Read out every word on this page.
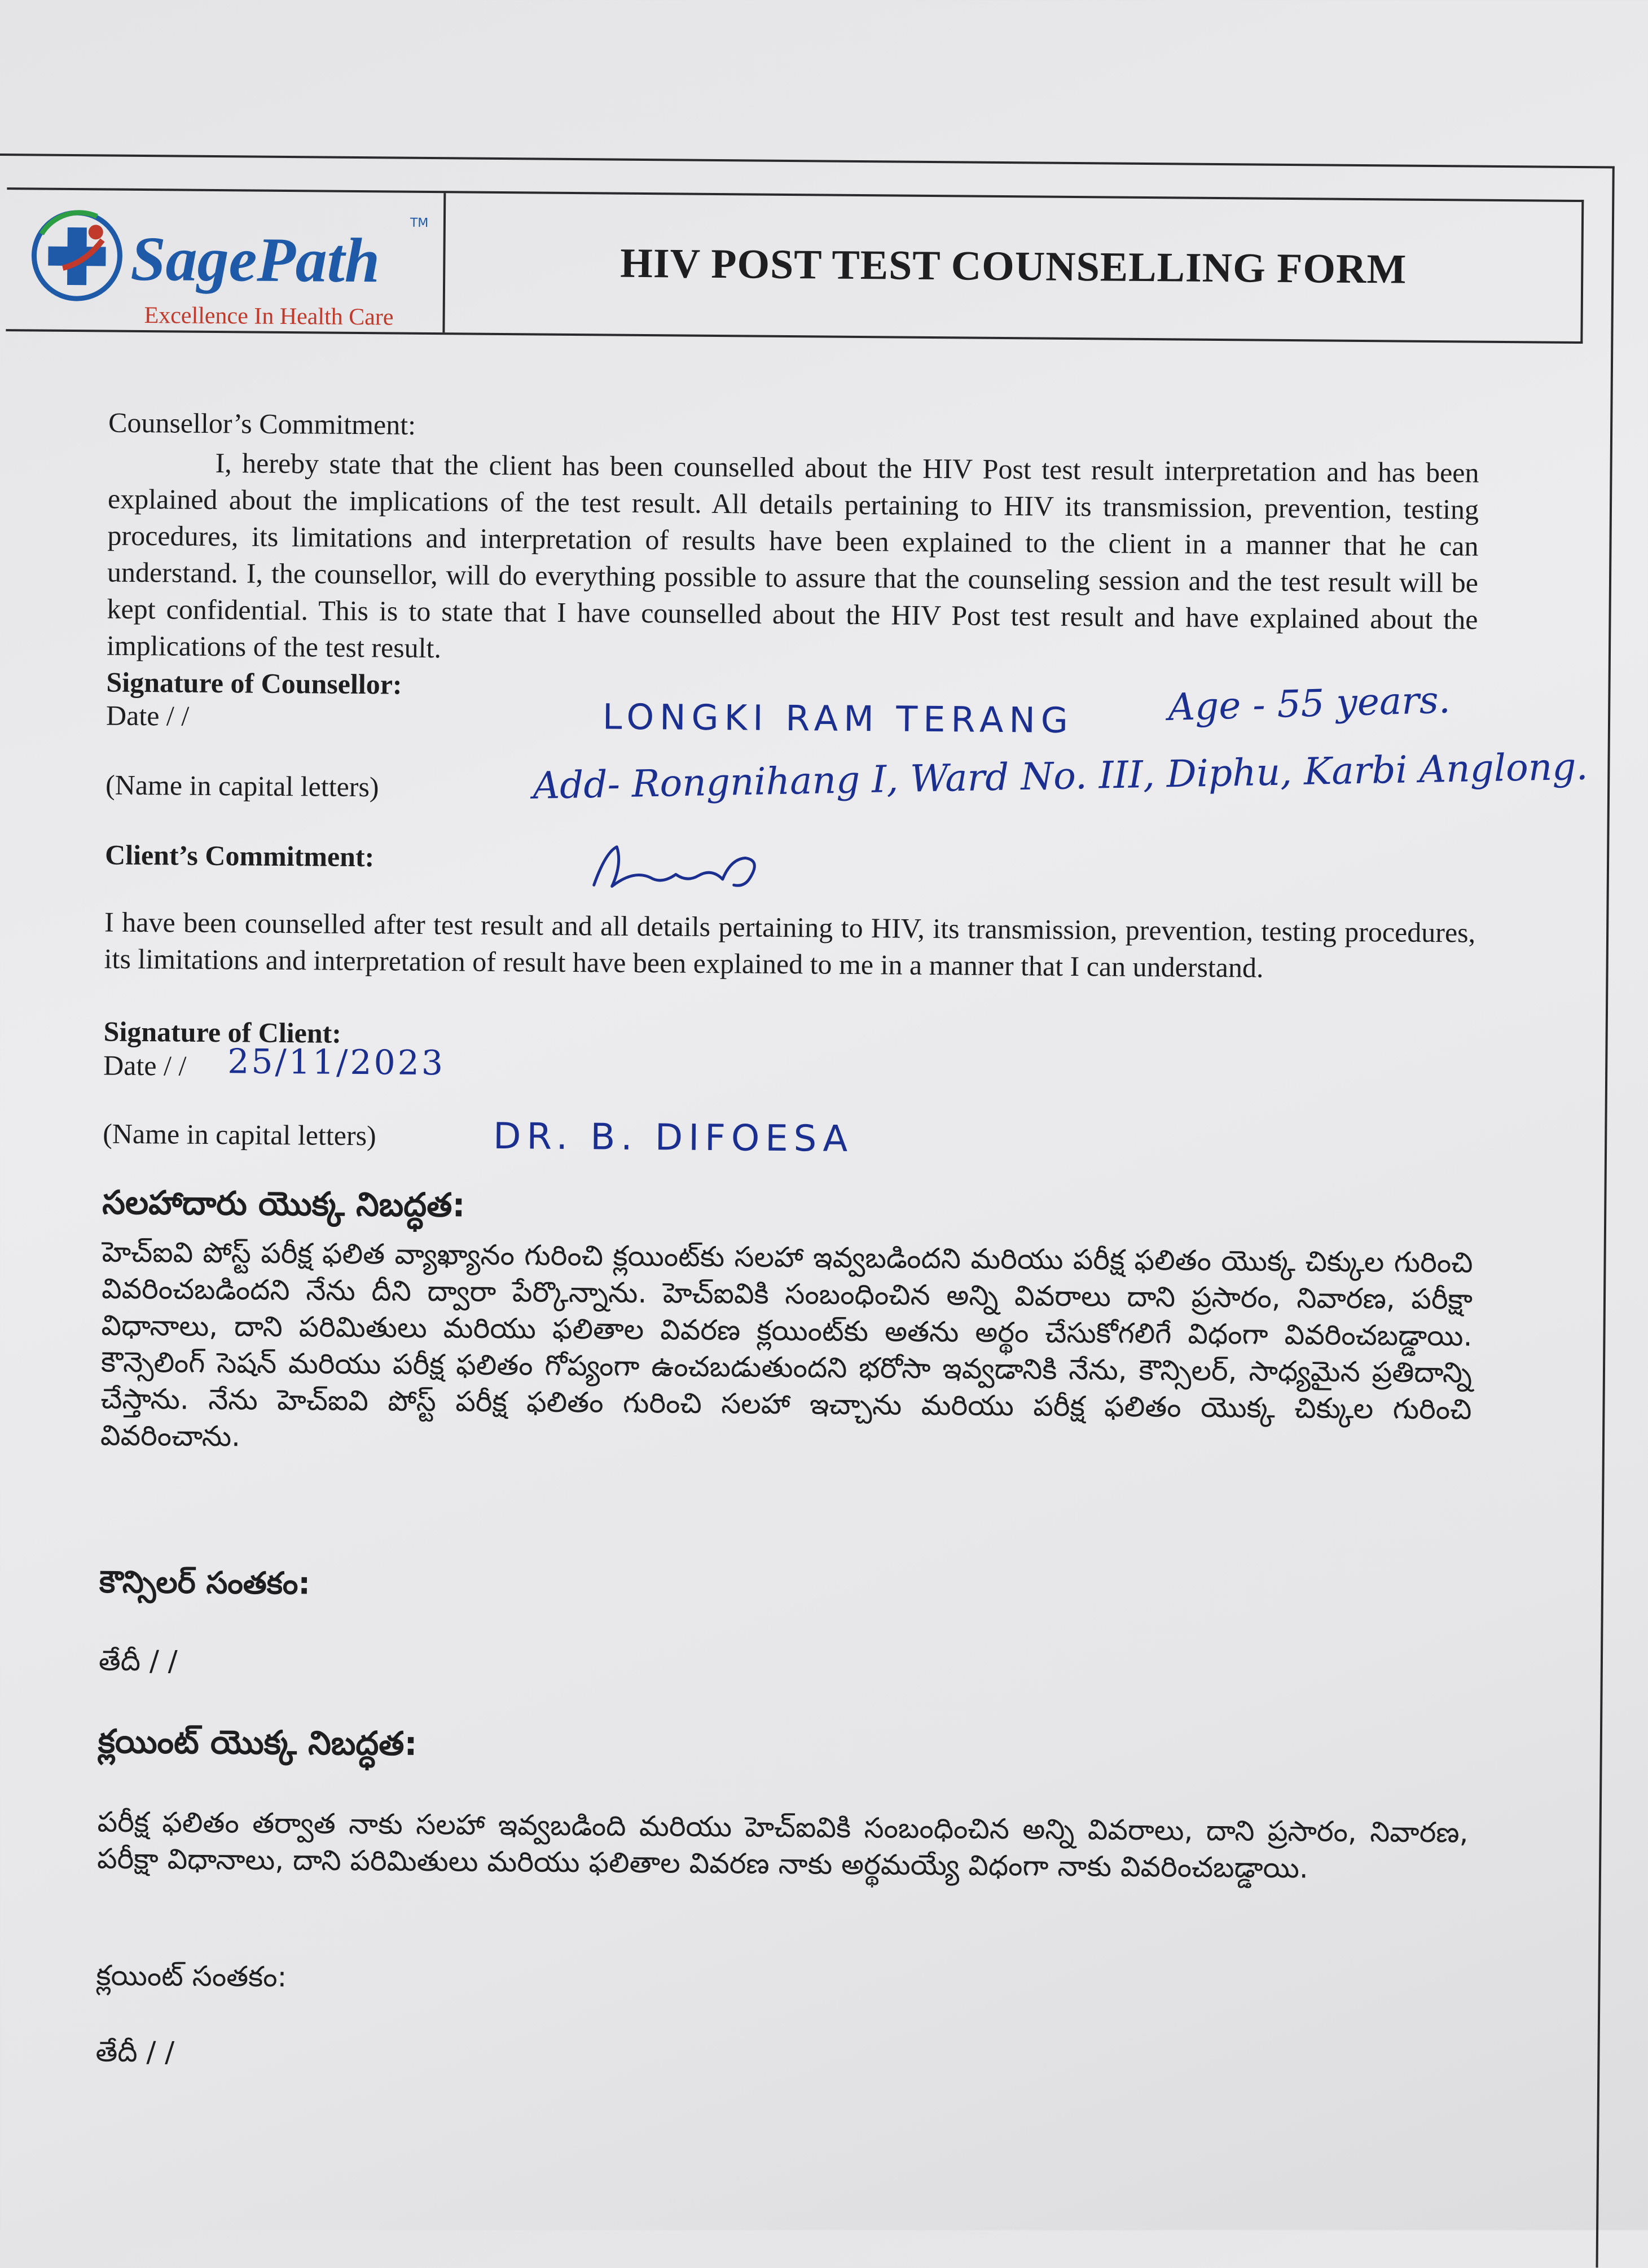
SagePath
TM
Excellence In Health Care
HIV POST TEST COUNSELLING FORM
Counsellor’s Commitment:
I, hereby state that the client has been counselled about the HIV Post test result interpretation and has been explained about the implications of the test result. All details pertaining to HIV its transmission, prevention, testing procedures, its limitations and interpretation of results have been explained to the client in a manner that he can understand. I, the counsellor, will do everything possible to assure that the counseling session and the test result will be kept confidential. This is to state that I have counselled about the HIV Post test result and have explained about the implications of the test result.
Signature of Counsellor:
Date / /
(Name in capital letters)
LONGKI RAM TERANG	Age - 55 years.
Add- Rongnihang I, Ward No. III, Diphu, Karbi Anglong.
Client’s Commitment:
I have been counselled after test result and all details pertaining to HIV, its transmission, prevention, testing procedures, its limitations and interpretation of result have been explained to me in a manner that I can understand.
Signature of Client:
Date / / 25/11/2023
(Name in capital letters)	DR. B. DIFOESA
సలహాదారు యొక్క నిబద్ధత:
హెచ్ఐవి పోస్ట్ పరీక్ష ఫలిత వ్యాఖ్యానం గురించి క్లయింట్‌కు సలహా ఇవ్వబడిందని మరియు పరీక్ష ఫలితం యొక్క చిక్కుల గురించి వివరించబడిందని నేను దీని ద్వారా పేర్కొన్నాను. హెచ్ఐవికి సంబంధించిన అన్ని వివరాలు దాని ప్రసారం, నివారణ, పరీక్షా విధానాలు, దాని పరిమితులు మరియు ఫలితాల వివరణ క్లయింట్‌కు అతను అర్థం చేసుకోగలిగే విధంగా వివరించబడ్డాయి. కౌన్సెలింగ్ సెషన్ మరియు పరీక్ష ఫలితం గోప్యంగా ఉంచబడుతుందని భరోసా ఇవ్వడానికి నేను, కౌన్సిలర్, సాధ్యమైన ప్రతిదాన్ని చేస్తాను. నేను హెచ్ఐవి పోస్ట్ పరీక్ష ఫలితం గురించి సలహా ఇచ్చాను మరియు పరీక్ష ఫలితం యొక్క చిక్కుల గురించి వివరించాను.
కౌన్సిలర్ సంతకం:
తేదీ / /
క్లయింట్ యొక్క నిబద్ధత:
పరీక్ష ఫలితం తర్వాత నాకు సలహా ఇవ్వబడింది మరియు హెచ్ఐవికి సంబంధించిన అన్ని వివరాలు, దాని ప్రసారం, నివారణ, పరీక్షా విధానాలు, దాని పరిమితులు మరియు ఫలితాల వివరణ నాకు అర్థమయ్యే విధంగా నాకు వివరించబడ్డాయి.
క్లయింట్ సంతకం:
తేదీ / /
